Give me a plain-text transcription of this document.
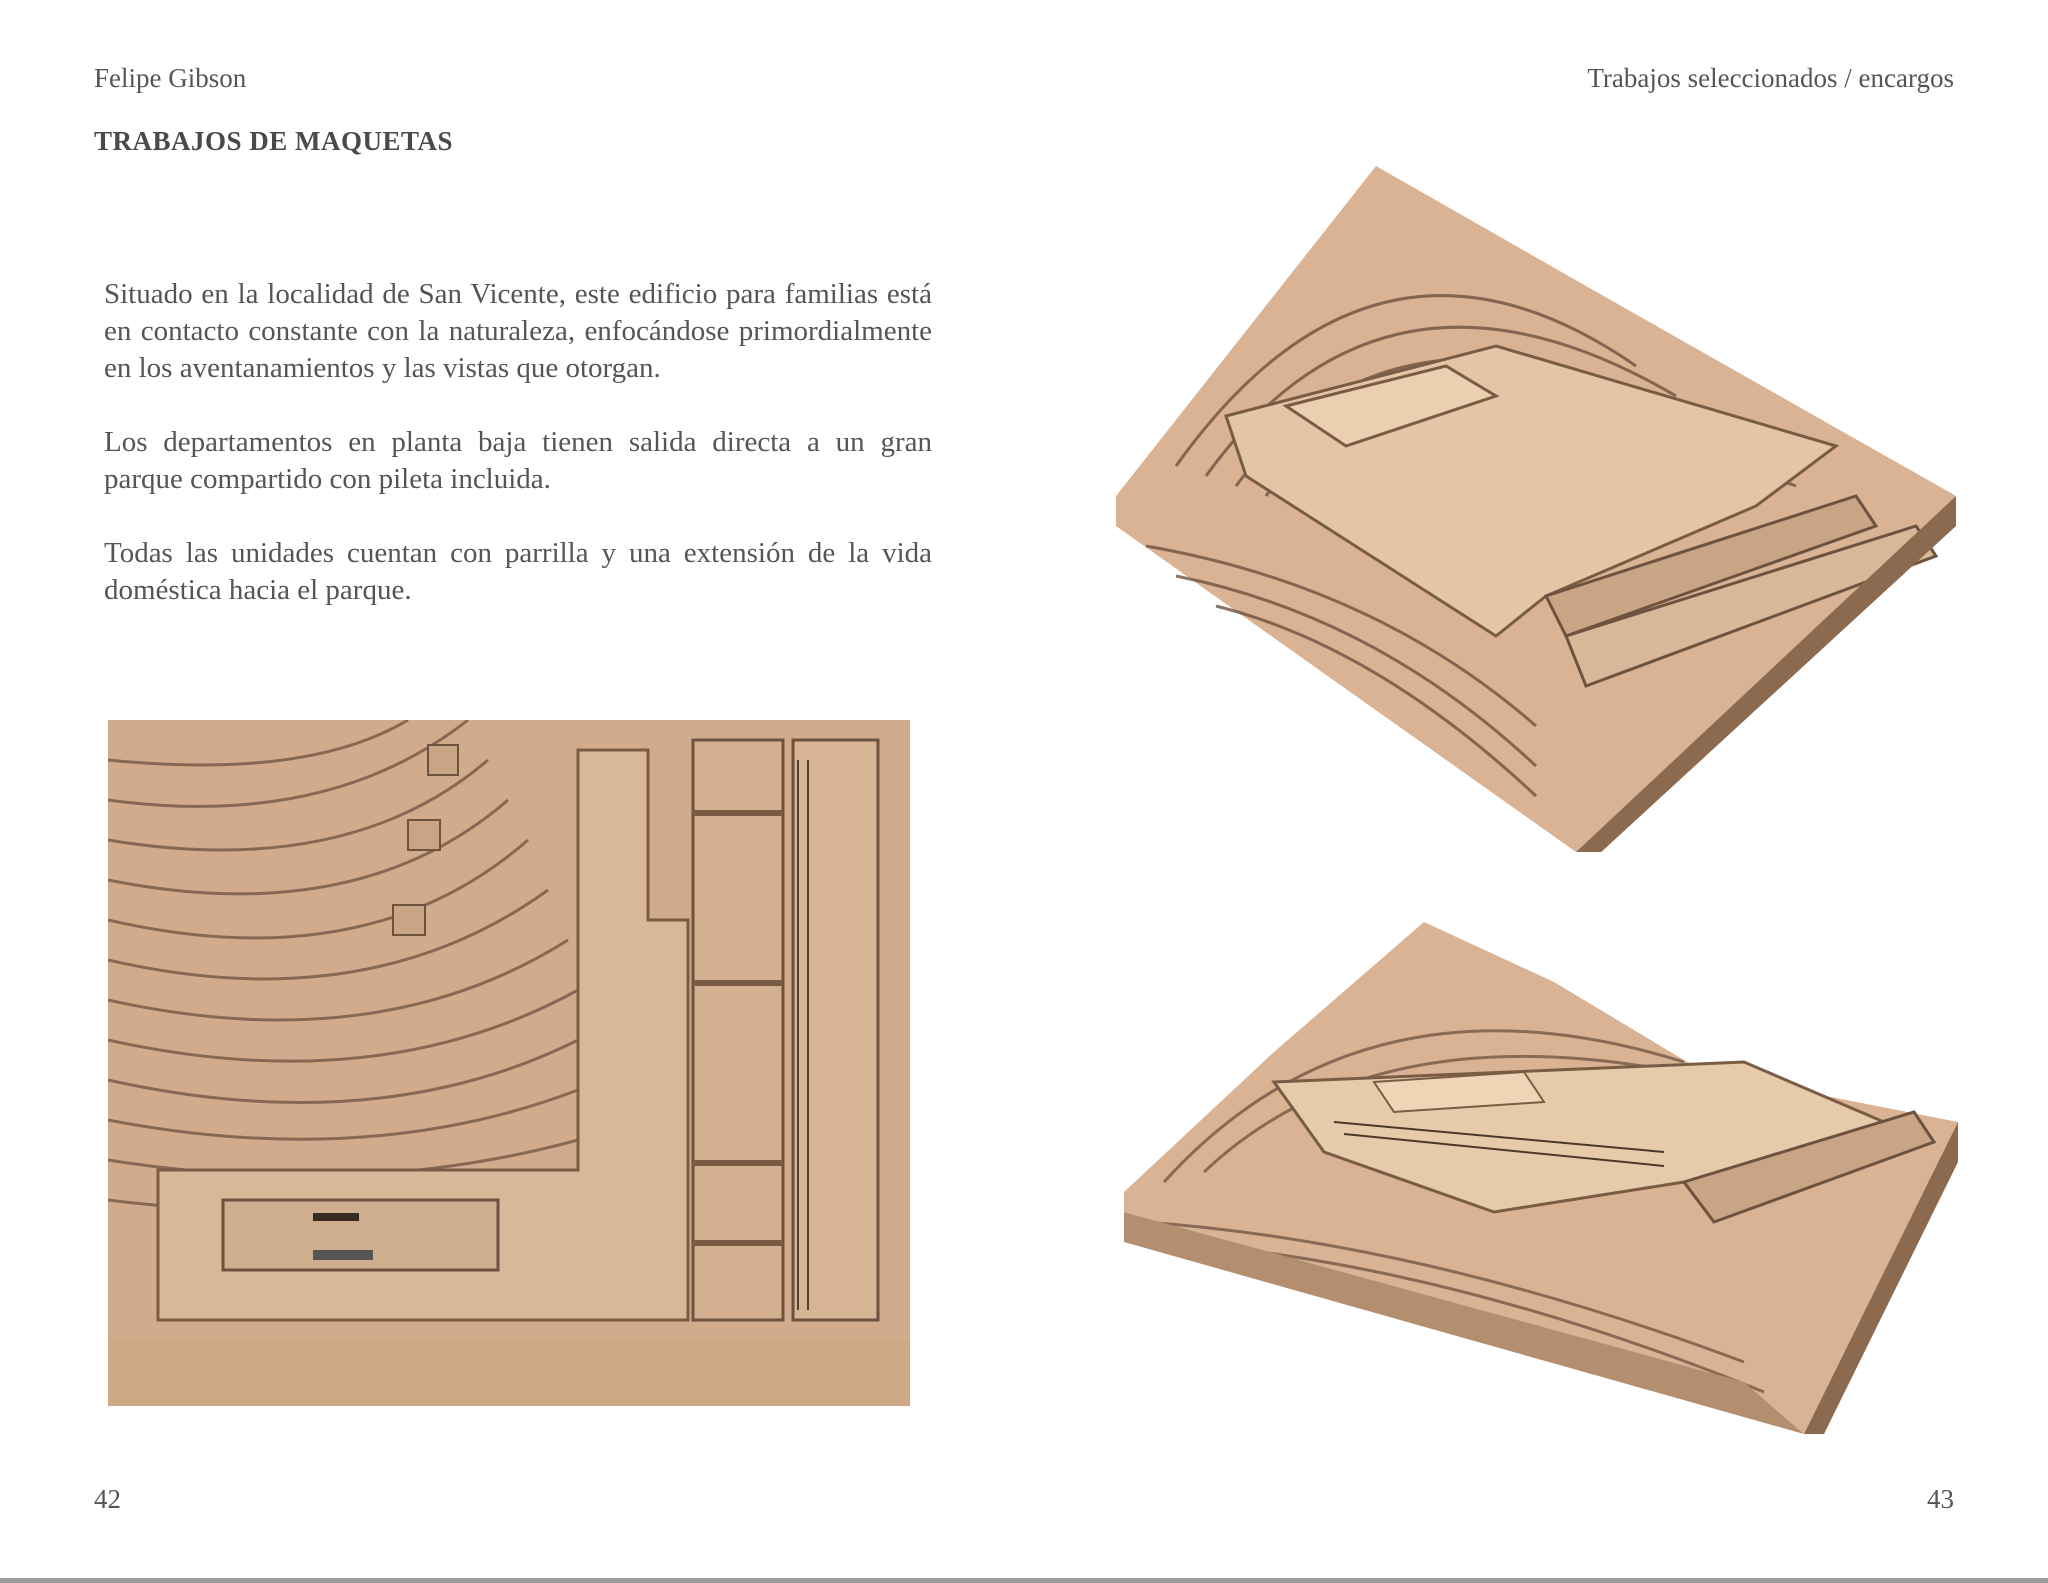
Felipe Gibson	Trabajos seleccionados / encargos
TRABAJOS DE MAQUETAS

Situado en la localidad de San Vicente, este edificio para familias está en contacto constante con la naturaleza, enfocándose primordialmente en los aventanamientos y las vistas que otorgan.

Los departamentos en planta baja tienen salida directa a un gran parque compartido con pileta incluida.

Todas las unidades cuentan con parrilla y una extensión de la vida doméstica hacia el parque.

42	43
